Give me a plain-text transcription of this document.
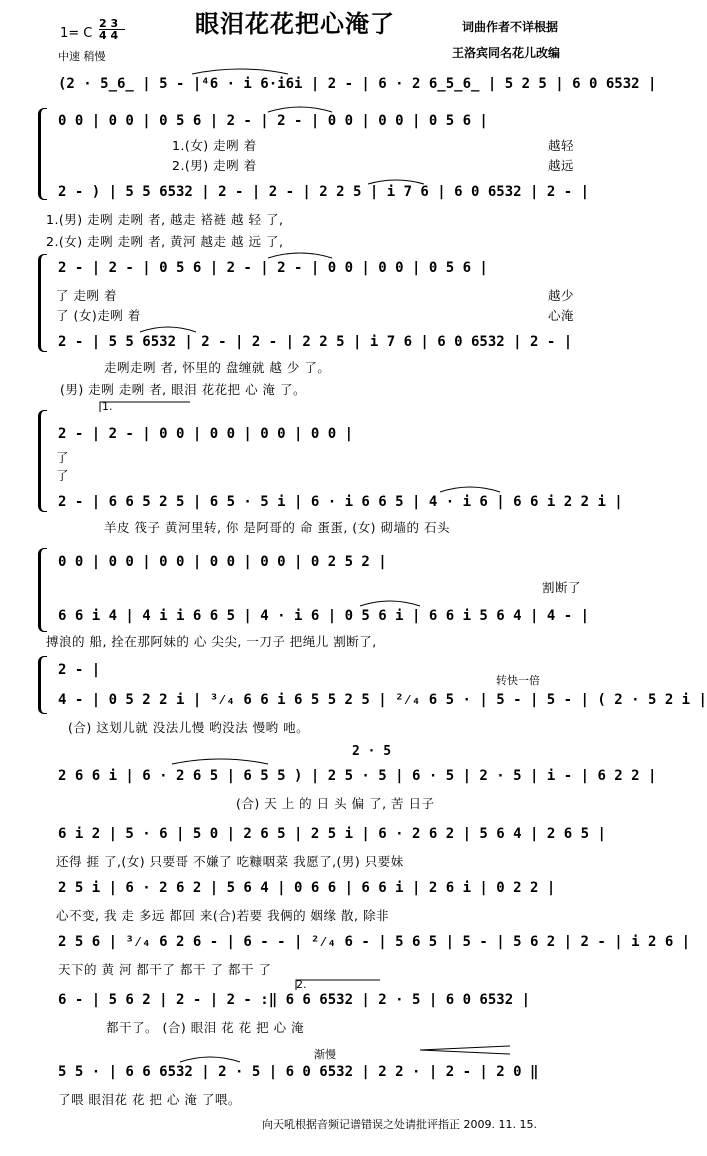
眼泪花花把心淹了
1= C
2 3
4 4
中速 稍慢
词曲作者不详根据
王洛宾同名花儿改编
(2 · 5̲6̲ | 5 - |⁴6 · i 6·i6i | 2 - | 6 · 2 6̲5̲6̲ | 5 2 5 | 6 0 6532 |
0 0 | 0 0 | 0 5 6 | 2 - | 2 - | 0 0 | 0 0 | 0 5 6 |
1.(女) 走咧 着	越轻
2.(男) 走咧 着	越远
2 - ) | 5 5 6532 | 2 - | 2 - | 2 2 5 | i 7 6 | 6 0 6532 | 2 - |
1.(男) 走咧 走咧 者, 越走 褡裢 越 轻 了,
2.(女) 走咧 走咧 者, 黄河 越走 越 远 了,
2 - | 2 - | 0 5 6 | 2 - | 2 - | 0 0 | 0 0 | 0 5 6 |
了 走咧 着	越少
了 (女)走咧 着	心淹
2 - | 5 5 6532 | 2 - | 2 - | 2 2 5 | i 7 6 | 6 0 6532 | 2 - |
走咧走咧 者, 怀里的 盘缠就 越 少 了。
(男) 走咧 走咧 者, 眼泪 花花把 心 淹 了。
1.
2 - | 2 - | 0 0 | 0 0 | 0 0 | 0 0 |
了
了
2 - | 6 6 5 2 5 | 6 5 · 5 i | 6 · i 6 6 5 | 4 · i 6 | 6 6 i 2 2 i |
羊皮 筏子 黄河里转, 你 是阿哥的 命 蛋蛋, (女) 砌墙的 石头
0 0 | 0 0 | 0 0 | 0 0 | 0 0 | 0 2 5 2 |
割断了
6 6 i 4 | 4 i i 6 6 5 | 4 · i 6 | 0 5 6 i | 6 6 i 5 6 4 | 4 - |
搏浪的 船, 拴在那阿妹的 心 尖尖, 一刀子 把绳儿 割断了,
2 - |
转快一倍
4 - | 0 5 2 2 i | ³⁄₄ 6 6 i 6 5 5 2 5 | ²⁄₄ 6 5 · | 5 - | 5 - | ( 2 · 5 2 i |
(合) 这划儿就 没法儿慢 哟没法 慢哟 吔。
2 · 5
2 6 6 i | 6 · 2 6 5 | 6 5 5 ) | 2 5 · 5 | 6 · 5 | 2 · 5 | i - | 6 2 2 |
(合) 天 上 的 日 头 偏 了, 苦 日子
6 i 2 | 5 · 6 | 5 0 | 2 6 5 | 2 5 i | 6 · 2 6 2 | 5 6 4 | 2 6 5 |
还得 捱 了,(女) 只要哥 不嫌了 吃糠咽菜 我愿了,(男) 只要妹
2 5 i | 6 · 2 6 2 | 5 6 4 | 0 6 6 | 6 6 i | 2 6 i | 0 2 2 |
心不变, 我 走 多远 都回 来(合)若要 我俩的 姻缘 散, 除非
2 5 6 | ³⁄₄ 6 2 6 - | 6 - - | ²⁄₄ 6 - | 5 6 5 | 5 - | 5 6 2 | 2 - | i 2 6 |
天下的 黄 河 都干了 都干 了 都干 了
2.
6 - | 5 6 2 | 2 - | 2 - :‖ 6 6 6532 | 2 · 5 | 6 0 6532 |
都干了。 (合) 眼泪 花 花 把 心 淹
渐慢
5 5 · | 6 6 6532 | 2 · 5 | 6 0 6532 | 2 2 · | 2 - | 2 0 ‖
了喂 眼泪花 花 把 心 淹 了喂。
向天吼根据音频记谱错误之处请批评指正 2009. 11. 15.
